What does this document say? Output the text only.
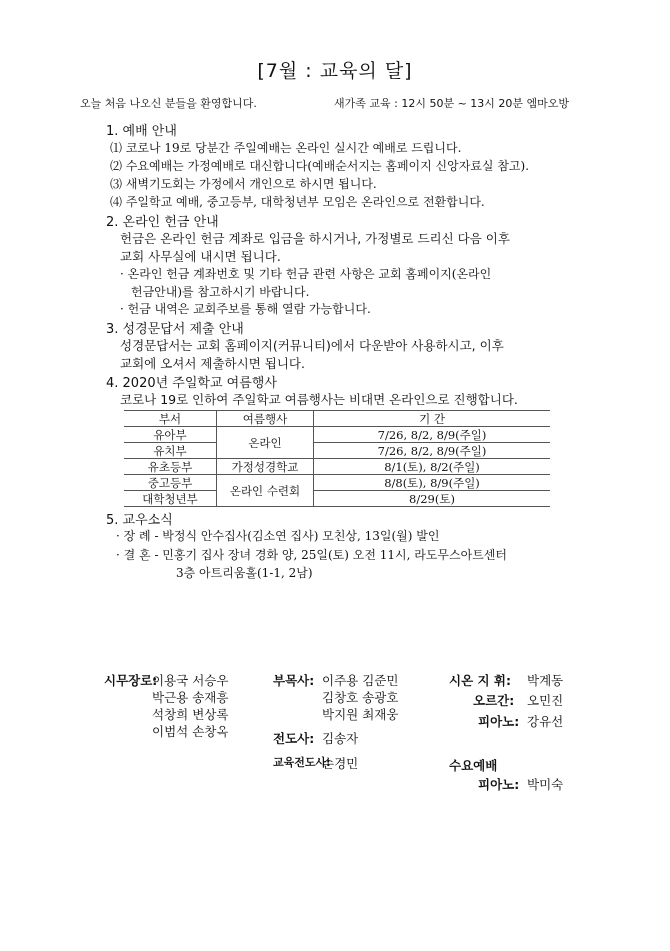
[7월 : 교육의 달]
오늘 처음 나오신 분들을 환영합니다.	새가족 교육 : 12시 50분 ~ 13시 20분 엠마오방
1. 예배 안내
⑴ 코로나 19로 당분간 주일예배는 온라인 실시간 예배로 드립니다.
⑵ 수요예배는 가정예배로 대신합니다(예배순서지는 홈페이지 신앙자료실 참고).
⑶ 새벽기도회는 가정에서 개인으로 하시면 됩니다.
⑷ 주일학교 예배, 중고등부, 대학청년부 모임은 온라인으로 전환합니다.
2. 온라인 헌금 안내
헌금은 온라인 헌금 계좌로 입금을 하시거나, 가정별로 드리신 다음 이후
교회 사무실에 내시면 됩니다.
· 온라인 헌금 계좌번호 및 기타 헌금 관련 사항은 교회 홈페이지(온라인
헌금안내)를 참고하시기 바랍니다.
· 헌금 내역은 교회주보를 통해 열람 가능합니다.
3. 성경문답서 제출 안내
성경문답서는 교회 홈페이지(커뮤니티)에서 다운받아 사용하시고, 이후
교회에 오셔서 제출하시면 됩니다.
4. 2020년 주일학교 여름행사
코로나 19로 인하여 주일학교 여름행사는 비대면 온라인으로 진행합니다.
부서	여름행사	기 간
유아부	온라인	7/26, 8/2, 8/9(주일)
유치부		7/26, 8/2, 8/9(주일)
유초등부	가정성경학교	8/1(토), 8/2(주일)
중고등부	온라인 수련회	8/8(토), 8/9(주일)
대학청년부		8/29(토)
5. 교우소식
· 장 례 - 박정식 안수집사(김소연 집사) 모친상, 13일(월) 발인
· 결 혼 - 민홍기 집사 장녀 경화 양, 25일(토) 오전 11시, 라도무스아트센터
3층 아트리움홀(1-1, 2남)
시무장로:
이용국 서승우
박근용 송재흥
석창희 변상록
이범석 손창옥
부목사: 이주용 김준민
김창호 송광호
박지원 최재웅
전도사: 김송자
교육전도사:
손경민
시온 지 휘: 박계동
오르간: 오민진
피아노: 강유선
수요예배
피아노: 박미숙
